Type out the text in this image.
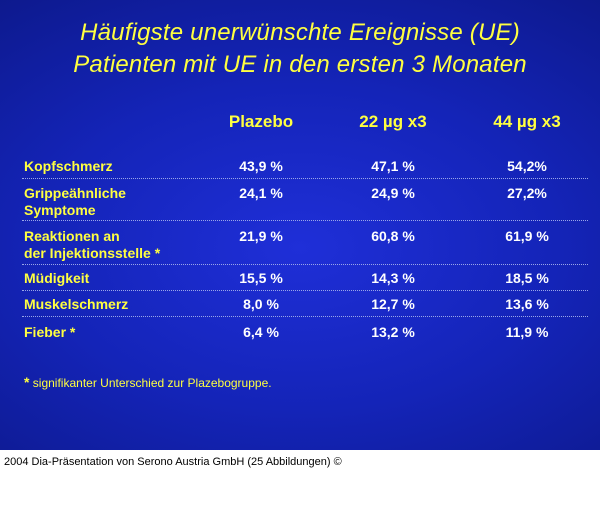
Häufigste unerwünschte Ereignisse (UE)
Patienten mit UE in den ersten 3 Monaten
Plazebo	22 µg x3	44 µg x3
Kopfschmerz	43,9 %	47,1 %	54,2%
Grippeähnliche
Symptome
24,1 %	24,9 %	27,2%
Reaktionen an
der Injektionsstelle *
21,9 %	60,8 %	61,9 %
Müdigkeit	15,5 %	14,3 %	18,5 %
Muskelschmerz	8,0 %	12,7 %	13,6 %
Fieber *	6,4 %	13,2 %	11,9 %
* signifikanter Unterschied zur Plazebogruppe.
2004 Dia-Präsentation von Serono Austria GmbH (25 Abbildungen) ©
